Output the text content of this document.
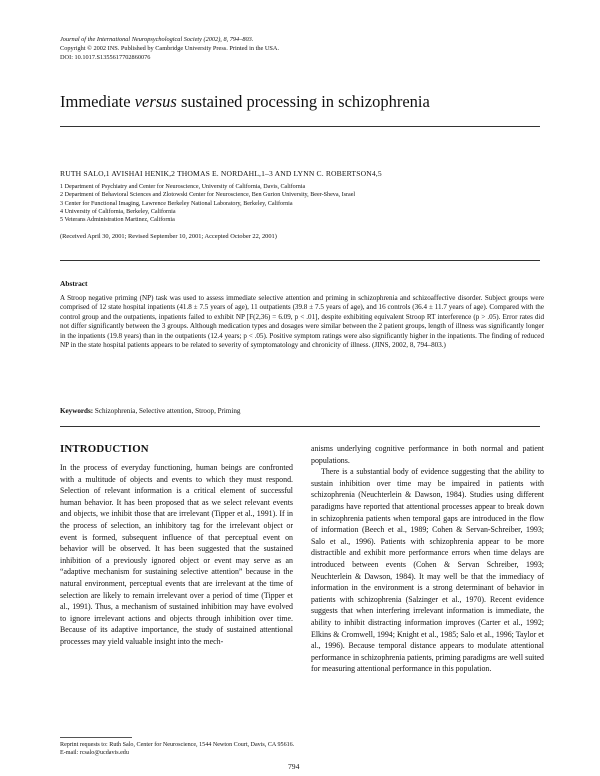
Journal of the International Neuropsychological Society (2002), 8, 794–803.
Copyright © 2002 INS. Published by Cambridge University Press. Printed in the USA.
DOI: 10.1017.S1355617702860076
Immediate versus sustained processing in schizophrenia
RUTH SALO,1 AVISHAI HENIK,2 THOMAS E. NORDAHL,1–3 AND LYNN C. ROBERTSON4,5
1 Department of Psychiatry and Center for Neuroscience, University of California, Davis, California
2 Department of Behavioral Sciences and Zlotowski Center for Neuroscience, Ben Gurion University, Beer-Sheva, Israel
3 Center for Functional Imaging, Lawrence Berkeley National Laboratory, Berkeley, California
4 University of California, Berkeley, California
5 Veterans Administration Martinez, California
(Received April 30, 2001; Revised September 10, 2001; Accepted October 22, 2001)
Abstract
A Stroop negative priming (NP) task was used to assess immediate selective attention and priming in schizophrenia and schizoaffective disorder. Subject groups were comprised of 12 state hospital inpatients (41.8 ± 7.5 years of age), 11 outpatients (39.8 ± 7.5 years of age), and 16 controls (36.4 ± 11.7 years of age). Compared with the control group and the outpatients, inpatients failed to exhibit NP [F(2,36) = 6.09, p < .01], despite exhibiting equivalent Stroop RT interference (p > .05). Error rates did not differ significantly between the 3 groups. Although medication types and dosages were similar between the 2 patient groups, length of illness was significantly longer in the inpatients (19.8 years) than in the outpatients (12.4 years; p < .05). Positive symptom ratings were also significantly higher in the inpatients. The finding of reduced NP in the state hospital patients appears to be related to severity of symptomatology and chronicity of illness. (JINS, 2002, 8, 794–803.)
Keywords: Schizophrenia, Selective attention, Stroop, Priming
INTRODUCTION

In the process of everyday functioning, human beings are confronted with a multitude of objects and events to which they must respond. Selection of relevant information is a critical element of successful human behavior. It has been proposed that as we select relevant events and objects, we inhibit those that are irrelevant (Tipper et al., 1991). If in the process of selection, an inhibitory tag for the irrelevant object or event is formed, subsequent influence of that perceptual event on behavior will be observed. It has been suggested that the sustained inhibition of a previously ignored object or event may serve as an “adaptive mechanism for sustaining selective attention” because in the natural environment, perceptual events that are irrelevant at the time of selection are likely to remain irrelevant over a period of time (Tipper et al., 1991). Thus, a mechanism of sustained inhibition may have evolved to ignore irrelevant actions and objects through inhibition over time. Because of its adaptive importance, the study of sustained attentional processes may yield valuable insight into the mech-

anisms underlying cognitive performance in both normal and patient populations.

There is a substantial body of evidence suggesting that the ability to sustain inhibition over time may be impaired in patients with schizophrenia (Neuchterlein & Dawson, 1984). Studies using different paradigms have reported that attentional processes appear to break down in schizophrenia patients when temporal gaps are introduced in the flow of information (Beech et al., 1989; Cohen & Servan-Schreiber, 1993; Salo et al., 1996). Patients with schizophrenia appear to be more distractible and exhibit more performance errors when time delays are introduced between events (Cohen & Servan Schreiber, 1993; Neuchterlein & Dawson, 1984). It may well be that the immediacy of information in the environment is a strong determinant of behavior in patients with schizophrenia (Salzinger et al., 1970). Recent evidence suggests that when interfering irrelevant information is immediate, the ability to inhibit distracting information improves (Carter et al., 1992; Elkins & Cromwell, 1994; Knight et al., 1985; Salo et al., 1996; Taylor et al., 1996). Because temporal distance appears to modulate attentional performance in schizophrenia patients, priming paradigms are well suited for measuring attentional performance in this population.

Reprint requests to: Ruth Salo, Center for Neuroscience, 1544 Newton Court, Davis, CA 95616. E-mail: rcsalo@ucdavis.edu
794
